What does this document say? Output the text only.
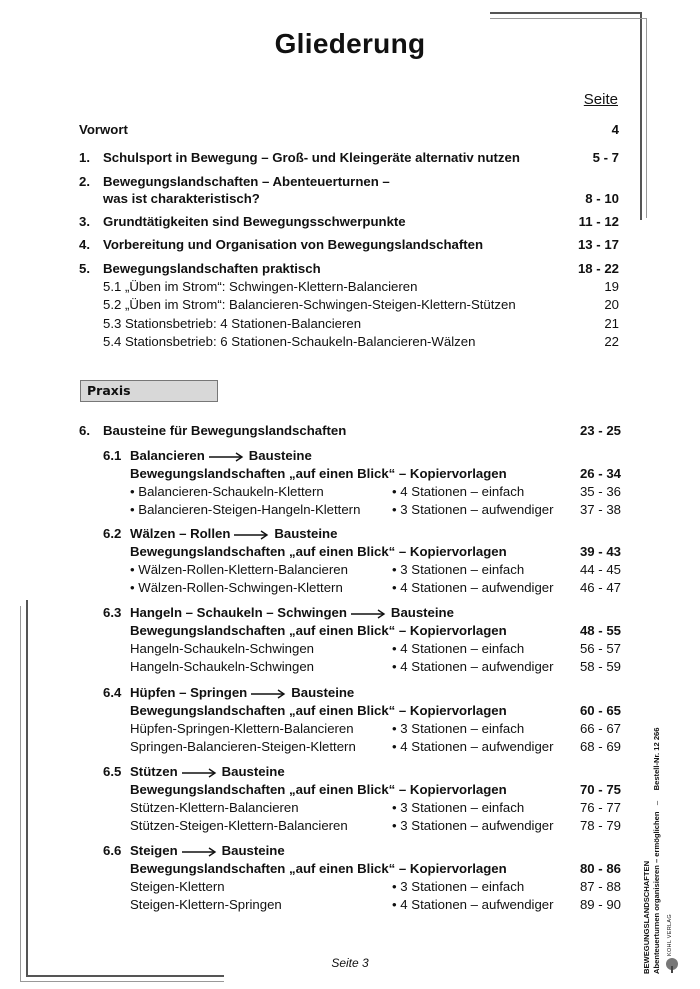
Gliederung
Seite
Vorwort	4
1. Schulsport in Bewegung – Groß- und Kleingeräte alternativ nutzen	5 - 7
2. Bewegungslandschaften – Abenteuerturnen –
was ist charakteristisch?	8 - 10
3. Grundtätigkeiten sind Bewegungsschwerpunkte	11 - 12
4. Vorbereitung und Organisation von Bewegungslandschaften	13 - 17
5. Bewegungslandschaften praktisch	18 - 22
5.1 „Üben im Strom“: Schwingen-Klettern-Balancieren	19
5.2 „Üben im Strom“: Balancieren-Schwingen-Steigen-Klettern-Stützen	20
5.3 Stationsbetrieb: 4 Stationen-Balancieren	21
5.4 Stationsbetrieb: 6 Stationen-Schaukeln-Balancieren-Wälzen	22
Praxis
6. Bausteine für Bewegungslandschaften	23 - 25
6.1 Balancieren	Bausteine
Bewegungslandschaften „auf einen Blick“ – Kopiervorlagen	26 - 34
• Balancieren-Schaukeln-Klettern	• 4 Stationen – einfach	35 - 36
• Balancieren-Steigen-Hangeln-Klettern • 3 Stationen – aufwendiger 37 - 38
6.2 Wälzen – Rollen	Bausteine
Bewegungslandschaften „auf einen Blick“ – Kopiervorlagen	39 - 43
• Wälzen-Rollen-Klettern-Balancieren	• 3 Stationen – einfach	44 - 45
• Wälzen-Rollen-Schwingen-Klettern	• 4 Stationen – aufwendiger 46 - 47
6.3 Hangeln – Schaukeln – Schwingen	Bausteine
Bewegungslandschaften „auf einen Blick“ – Kopiervorlagen	48 - 55
Hangeln-Schaukeln-Schwingen	• 4 Stationen – einfach	56 - 57
Hangeln-Schaukeln-Schwingen	• 4 Stationen – aufwendiger 58 - 59
6.4 Hüpfen – Springen	Bausteine
Bewegungslandschaften „auf einen Blick“ – Kopiervorlagen	60 - 65
Hüpfen-Springen-Klettern-Balancieren	• 3 Stationen – einfach	66 - 67
Springen-Balancieren-Steigen-Klettern	• 4 Stationen – aufwendiger 68 - 69
6.5 Stützen	Bausteine
Bewegungslandschaften „auf einen Blick“ – Kopiervorlagen	70 - 75
Stützen-Klettern-Balancieren	• 3 Stationen – einfach	76 - 77
Stützen-Steigen-Klettern-Balancieren	• 3 Stationen – aufwendiger 78 - 79
6.6 Steigen	Bausteine
Bewegungslandschaften „auf einen Blick“ – Kopiervorlagen	80 - 86
Steigen-Klettern	• 3 Stationen – einfach	87 - 88
Steigen-Klettern-Springen	• 4 Stationen – aufwendiger 89 - 90
Seite 3	BEWEGUNGSLANDSCHAFTEN Abenteuerturnen organisieren – ermöglichen   –     Bestell-Nr. 12 266
KOHL VERLAG
